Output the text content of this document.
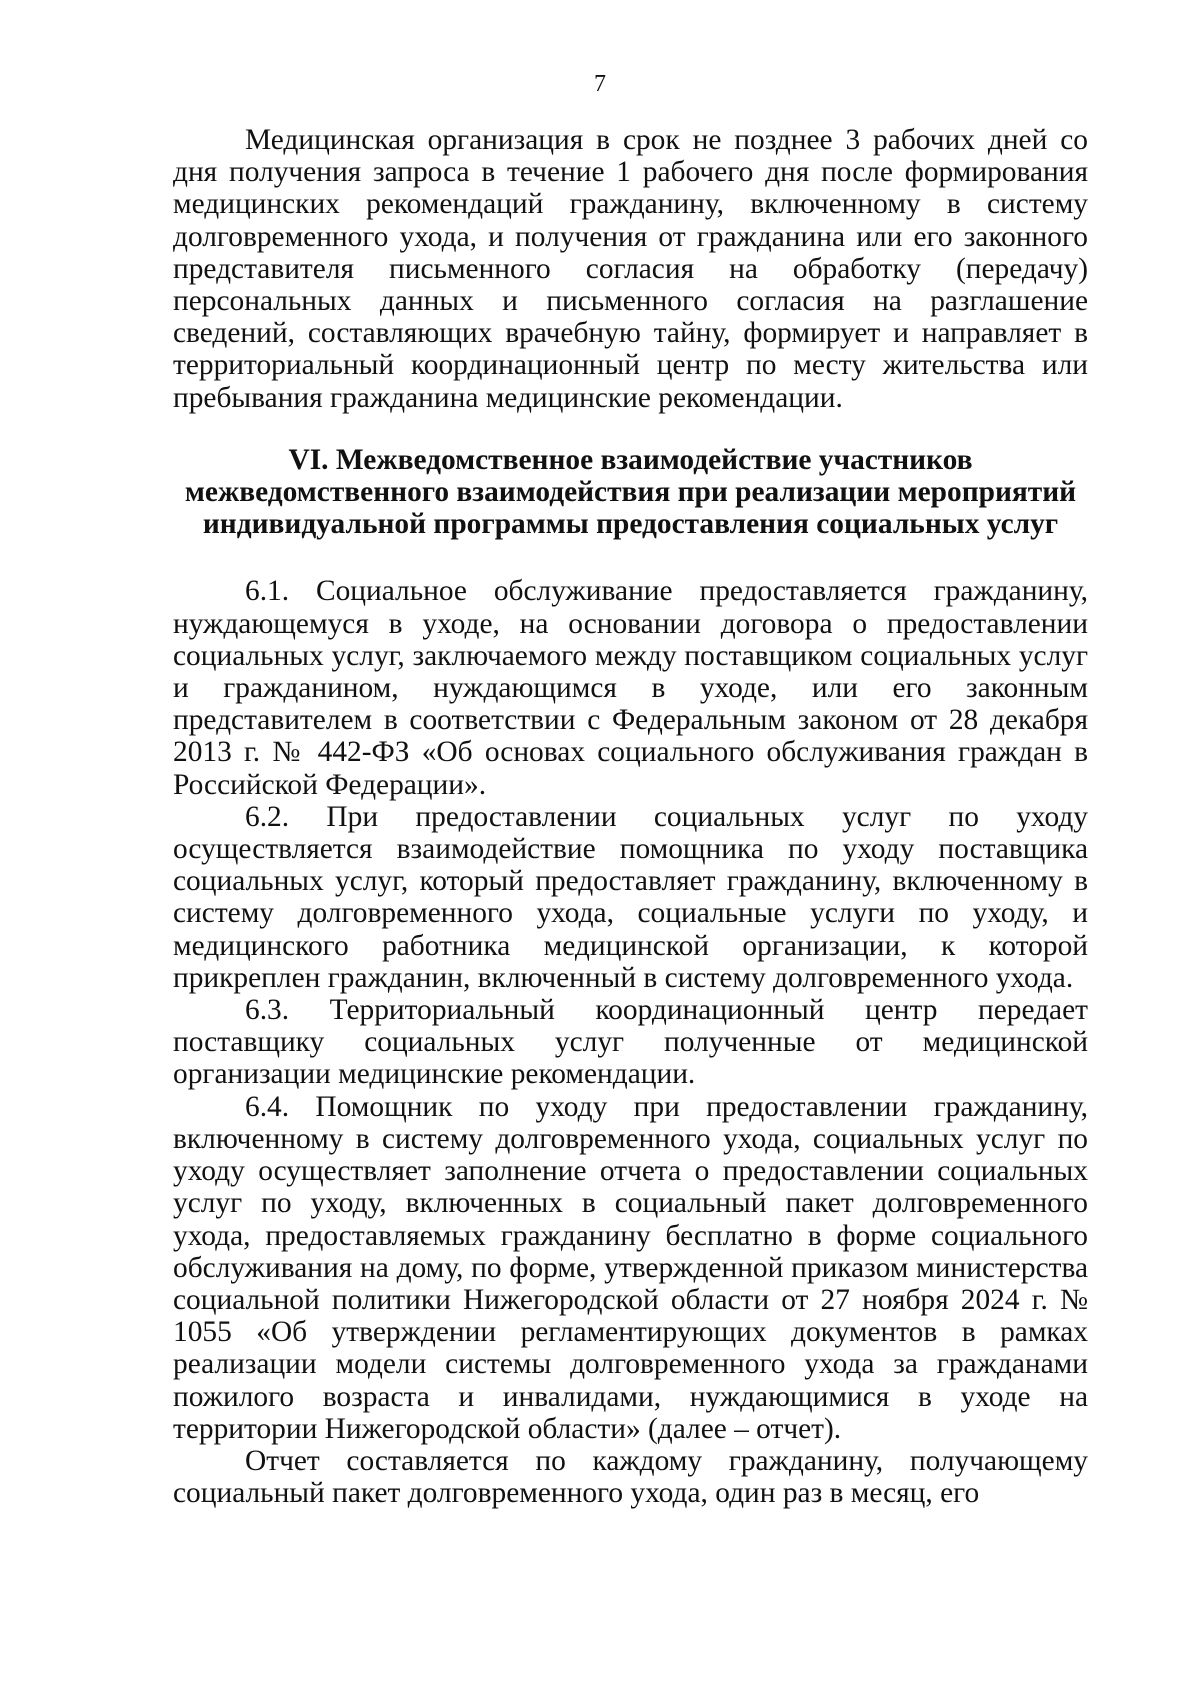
7

Медицинская организация в срок не позднее 3 рабочих дней со дня получения запроса в течение 1 рабочего дня после формирования медицинских рекомендаций гражданину, включенному в систему долговременного ухода, и получения от гражданина или его законного представителя письменного согласия на обработку (передачу) персональных данных и письменного согласия на разглашение сведений, составляющих врачебную тайну, формирует и направляет в территориальный координационный центр по месту жительства или пребывания гражданина медицинские рекомендации.

VI. Межведомственное взаимодействие участников
межведомственного взаимодействия при реализации мероприятий
индивидуальной программы предоставления социальных услуг

6.1. Социальное обслуживание предоставляется гражданину, нуждающемуся в уходе, на основании договора о предоставлении социальных услуг, заключаемого между поставщиком социальных услуг и гражданином, нуждающимся в уходе, или его законным представителем в соответствии с Федеральным законом от 28 декабря 2013 г. № 442-ФЗ «Об основах социального обслуживания граждан в Российской Федерации».

6.2. При предоставлении социальных услуг по уходу осуществляется взаимодействие помощника по уходу поставщика социальных услуг, который предоставляет гражданину, включенному в систему долговременного ухода, социальные услуги по уходу, и медицинского работника медицинской организации, к которой прикреплен гражданин, включенный в систему долговременного ухода.

6.3. Территориальный координационный центр передает поставщику социальных услуг полученные от медицинской организации медицинские рекомендации.

6.4. Помощник по уходу при предоставлении гражданину, включенному в систему долговременного ухода, социальных услуг по уходу осуществляет заполнение отчета о предоставлении социальных услуг по уходу, включенных в социальный пакет долговременного ухода, предоставляемых гражданину бесплатно в форме социального обслуживания на дому, по форме, утвержденной приказом министерства социальной политики Нижегородской области от 27 ноября 2024 г. № 1055 «Об утверждении регламентирующих документов в рамках реализации модели системы долговременного ухода за гражданами пожилого возраста и инвалидами, нуждающимися в уходе на территории Нижегородской области» (далее – отчет).

Отчет составляется по каждому гражданину, получающему социальный пакет долговременного ухода, один раз в месяц, его
